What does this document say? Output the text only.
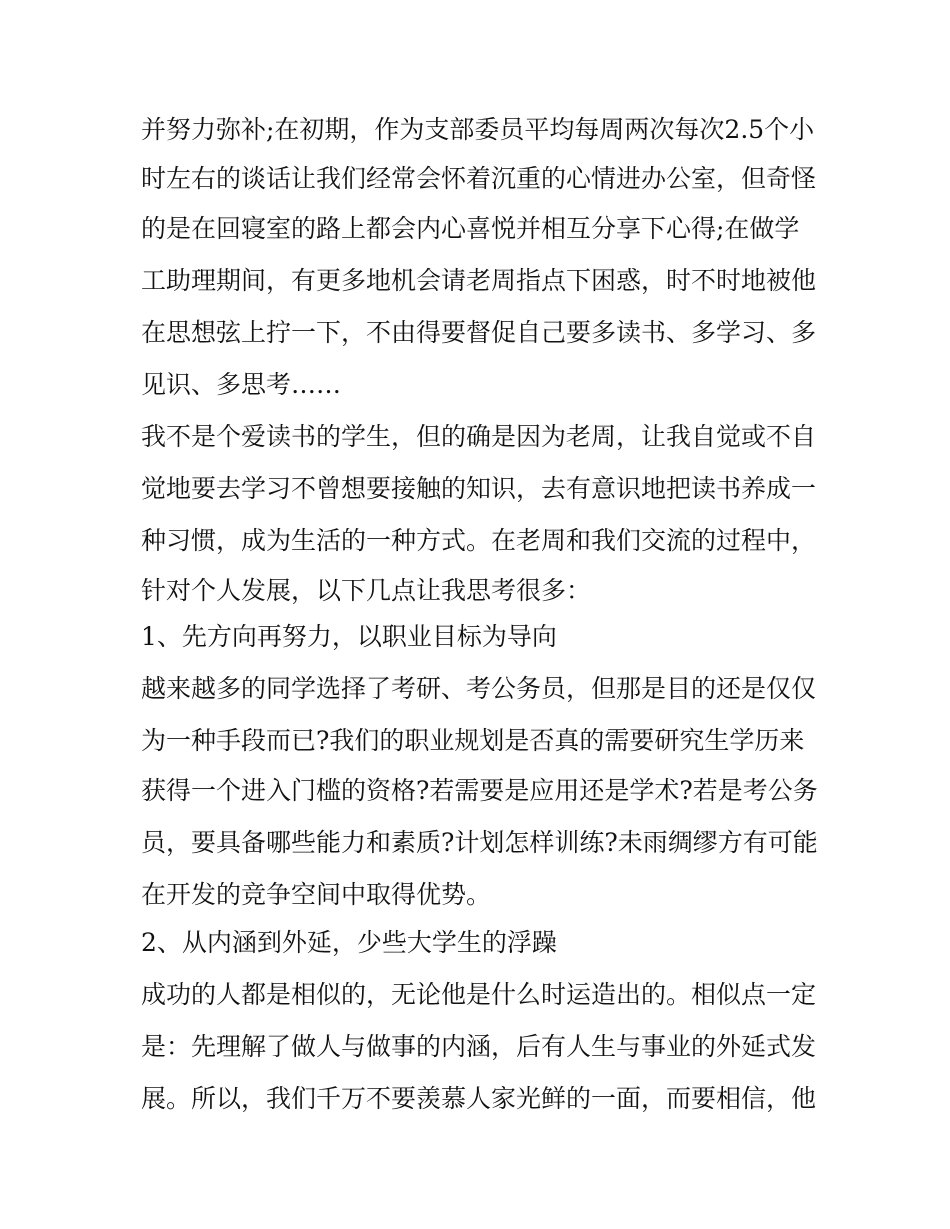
并努力弥补;在初期，作为支部委员平均每周两次每次2.5个小
时左右的谈话让我们经常会怀着沉重的心情进办公室，但奇怪
的是在回寝室的路上都会内心喜悦并相互分享下心得;在做学
工助理期间，有更多地机会请老周指点下困惑，时不时地被他
在思想弦上拧一下，不由得要督促自己要多读书、多学习、多
见识、多思考……
我不是个爱读书的学生，但的确是因为老周，让我自觉或不自
觉地要去学习不曾想要接触的知识，去有意识地把读书养成一
种习惯，成为生活的一种方式。在老周和我们交流的过程中，
针对个人发展，以下几点让我思考很多：
1、先方向再努力，以职业目标为导向
越来越多的同学选择了考研、考公务员，但那是目的还是仅仅
为一种手段而已?我们的职业规划是否真的需要研究生学历来
获得一个进入门槛的资格?若需要是应用还是学术?若是考公务
员，要具备哪些能力和素质?计划怎样训练?未雨绸缪方有可能
在开发的竞争空间中取得优势。
2、从内涵到外延，少些大学生的浮躁
成功的人都是相似的，无论他是什么时运造出的。相似点一定
是：先理解了做人与做事的内涵，后有人生与事业的外延式发
展。所以，我们千万不要羡慕人家光鲜的一面，而要相信，他
